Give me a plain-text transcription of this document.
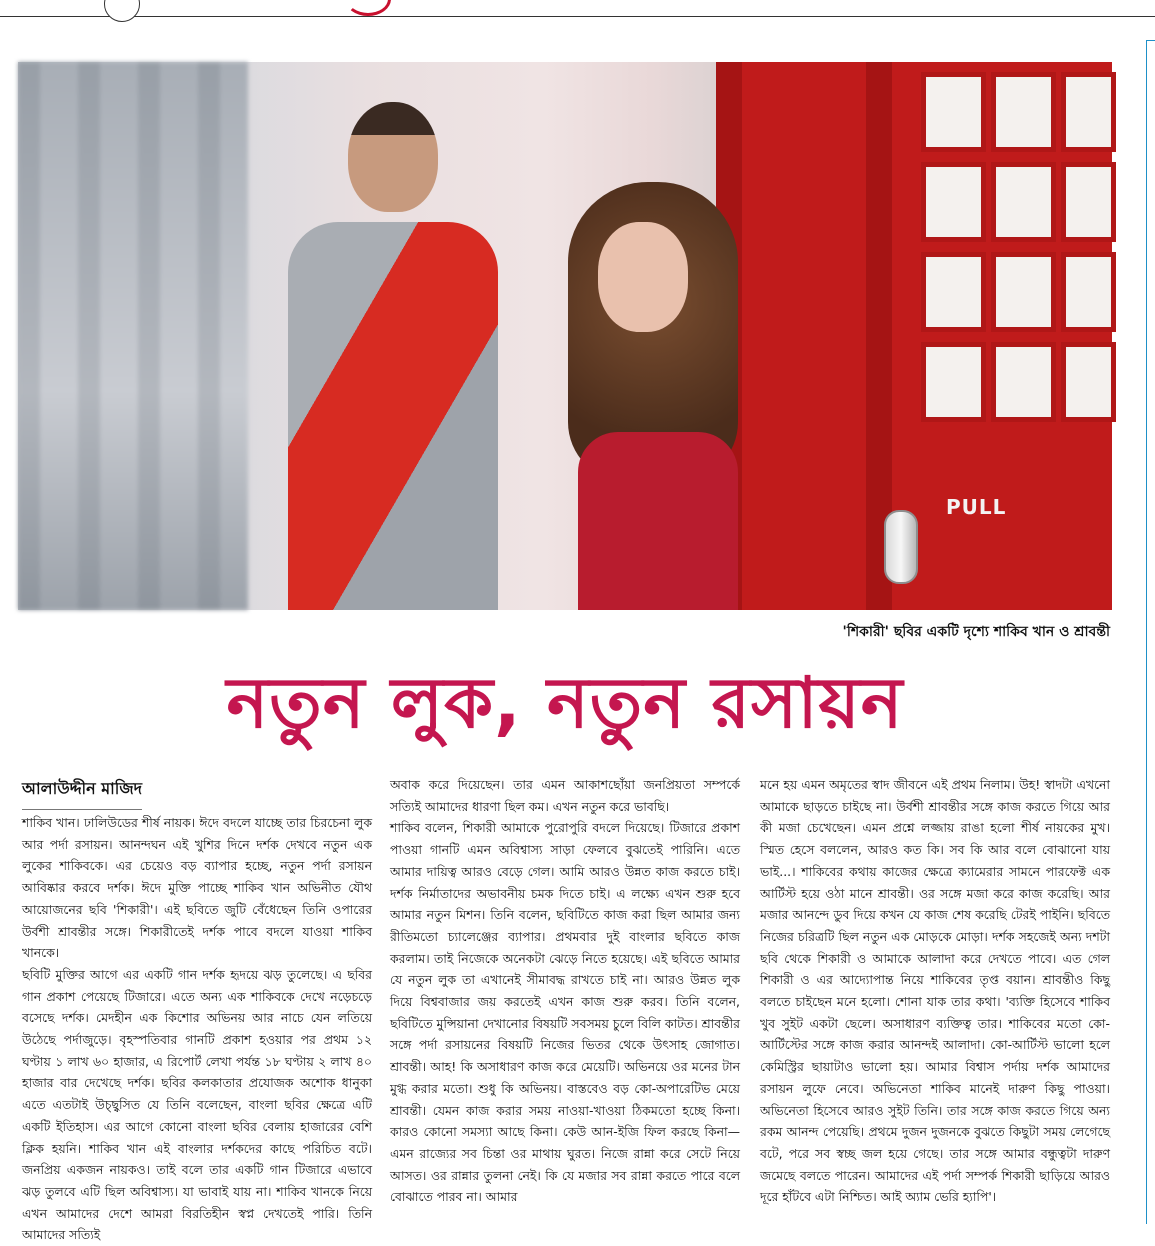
PULL
'শিকারী' ছবির একটি দৃশ্যে শাকিব খান ও শ্রাবন্তী
নতুন লুক, নতুন রসায়ন
আলাউদ্দীন মাজিদ

শাকিব খান। ঢালিউডের শীর্ষ নায়ক। ঈদে বদলে যাচ্ছে তার চিরচেনা লুক আর পর্দা রসায়ন। আনন্দঘন এই খুশির দিনে দর্শক দেখবে নতুন এক লুকের শাকিবকে। এর চেয়েও বড় ব্যাপার হচ্ছে, নতুন পর্দা রসায়ন আবিষ্কার করবে দর্শক। ঈদে মুক্তি পাচ্ছে শাকিব খান অভিনীত যৌথ আয়োজনের ছবি 'শিকারী'। এই ছবিতে জুটি বেঁধেছেন তিনি ওপারের উর্বশী শ্রাবন্তীর সঙ্গে। শিকারীতেই দর্শক পাবে বদলে যাওয়া শাকিব খানকে।

ছবিটি মুক্তির আগে এর একটি গান দর্শক হৃদয়ে ঝড় তুলেছে। এ ছবির গান প্রকাশ পেয়েছে টিজারে। এতে অন্য এক শাকিবকে দেখে নড়েচড়ে বসেছে দর্শক। মেদহীন এক কিশোর অভিনয় আর নাচে যেন লতিয়ে উঠেছে পর্দাজুড়ে। বৃহস্পতিবার গানটি প্রকাশ হওয়ার পর প্রথম ১২ ঘণ্টায় ১ লাখ ৬০ হাজার, এ রিপোর্ট লেখা পর্যন্ত ১৮ ঘণ্টায় ২ লাখ ৪০ হাজার বার দেখেছে দর্শক। ছবির কলকাতার প্রযোজক অশোক ধানুকা এতে এতটাই উচ্ছ্বসিত যে তিনি বলেছেন, বাংলা ছবির ক্ষেত্রে এটি একটি ইতিহাস। এর আগে কোনো বাংলা ছবির বেলায় হাজারের বেশি ক্লিক হয়নি। শাকিব খান এই বাংলার দর্শকদের কাছে পরিচিত বটে। জনপ্রিয় একজন নায়কও। তাই বলে তার একটি গান টিজারে এভাবে ঝড় তুলবে এটি ছিল অবিশ্বাস্য। যা ভাবাই যায় না। শাকিব খানকে নিয়ে এখন আমাদের দেশে আমরা বিরতিহীন স্বপ্ন দেখতেই পারি। তিনি আমাদের সত্যিই

অবাক করে দিয়েছেন। তার এমন আকাশছোঁয়া জনপ্রিয়তা সম্পর্কে সত্যিই আমাদের ধারণা ছিল কম। এখন নতুন করে ভাবছি।

শাকিব বলেন, শিকারী আমাকে পুরোপুরি বদলে দিয়েছে। টিজারে প্রকাশ পাওয়া গানটি এমন অবিশ্বাস্য সাড়া ফেলবে বুঝতেই পারিনি। এতে আমার দায়িত্ব আরও বেড়ে গেল। আমি আরও উন্নত কাজ করতে চাই। দর্শক নির্মাতাদের অভাবনীয় চমক দিতে চাই। এ লক্ষ্যে এখন শুরু হবে আমার নতুন মিশন। তিনি বলেন, ছবিটিতে কাজ করা ছিল আমার জন্য রীতিমতো চ্যালেঞ্জের ব্যাপার। প্রথমবার দুই বাংলার ছবিতে কাজ করলাম। তাই নিজেকে অনেকটা ঝেড়ে নিতে হয়েছে। এই ছবিতে আমার যে নতুন লুক তা এখানেই সীমাবদ্ধ রাখতে চাই না। আরও উন্নত লুক দিয়ে বিশ্ববাজার জয় করতেই এখন কাজ শুরু করব। তিনি বলেন, ছবিটিতে মুন্সিয়ানা দেখানোর বিষয়টি সবসময় চুলে বিলি কাটত। শ্রাবন্তীর সঙ্গে পর্দা রসায়নের বিষয়টি নিজের ভিতর থেকে উৎসাহ জোগাত। শ্রাবন্তী। আহ! কি অসাধারণ কাজ করে মেয়েটি। অভিনয়ে ওর মনের টান মুগ্ধ করার মতো। শুধু কি অভিনয়। বাস্তবেও বড় কো-অপারেটিভ মেয়ে শ্রাবন্তী। যেমন কাজ করার সময় নাওয়া-খাওয়া ঠিকমতো হচ্ছে কিনা। কারও কোনো সমস্যা আছে কিনা। কেউ আন-ইজি ফিল করছে কিনা— এমন রাজ্যের সব চিন্তা ওর মাথায় ঘুরত। নিজে রান্না করে সেটে নিয়ে আসত। ওর রান্নার তুলনা নেই। কি যে মজার সব রান্না করতে পারে বলে বোঝাতে পারব না। আমার

মনে হয় এমন অমৃতের স্বাদ জীবনে এই প্রথম নিলাম। উহ! স্বাদটা এখনো আমাকে ছাড়তে চাইছে না। উর্বশী শ্রাবন্তীর সঙ্গে কাজ করতে গিয়ে আর কী মজা চেখেছেন। এমন প্রশ্নে লজ্জায় রাঙা হলো শীর্ষ নায়কের মুখ। স্মিত হেসে বললেন, আরও কত কি। সব কি আর বলে বোঝানো যায় ভাই...। শাকিবের কথায় কাজের ক্ষেত্রে ক্যামেরার সামনে পারফেক্ট এক আর্টিস্ট হয়ে ওঠা মানে শ্রাবন্তী। ওর সঙ্গে মজা করে কাজ করেছি। আর মজার আনন্দে ডুব দিয়ে কখন যে কাজ শেষ করেছি টেরই পাইনি। ছবিতে নিজের চরিত্রটি ছিল নতুন এক মোড়কে মোড়া। দর্শক সহজেই অন্য দশটা ছবি থেকে শিকারী ও আমাকে আলাদা করে দেখতে পাবে। এত গেল শিকারী ও এর আদ্যোপান্ত নিয়ে শাকিবের তৃপ্ত বয়ান। শ্রাবন্তীও কিছু বলতে চাইছেন মনে হলো। শোনা যাক তার কথা। 'ব্যক্তি হিসেবে শাকিব খুব সুইট একটা ছেলে। অসাধারণ ব্যক্তিত্ব তার। শাকিবের মতো কো-আর্টিস্টের সঙ্গে কাজ করার আনন্দই আলাদা। কো-আর্টিস্ট ভালো হলে কেমিস্ট্রির ছায়াটাও ভালো হয়। আমার বিশ্বাস পর্দায় দর্শক আমাদের রসায়ন লুফে নেবে। অভিনেতা শাকিব মানেই দারুণ কিছু পাওয়া। অভিনেতা হিসেবে আরও সুইট তিনি। তার সঙ্গে কাজ করতে গিয়ে অন্য রকম আনন্দ পেয়েছি। প্রথমে দুজন দুজনকে বুঝতে কিছুটা সময় লেগেছে বটে, পরে সব স্বচ্ছ জল হয়ে গেছে। তার সঙ্গে আমার বন্ধুত্বটা দারুণ জমেছে বলতে পারেন। আমাদের এই পর্দা সম্পর্ক শিকারী ছাড়িয়ে আরও দূরে হাঁটবে এটা নিশ্চিত। আই অ্যাম ভেরি হ্যাপি'।
